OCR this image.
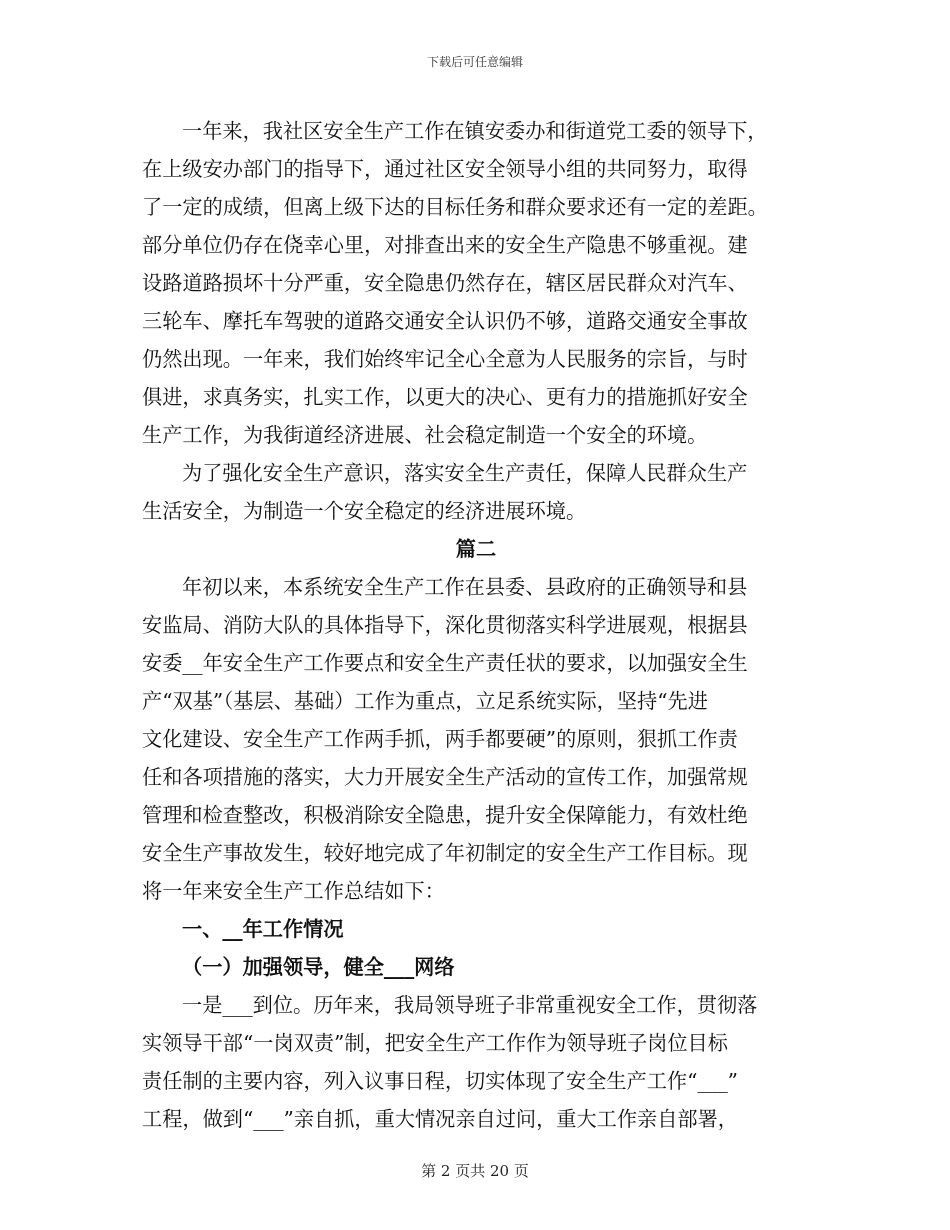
下载后可任意编辑
一年来，我社区安全生产工作在镇安委办和街道党工委的领导下，
在上级安办部门的指导下，通过社区安全领导小组的共同努力，取得
了一定的成绩，但离上级下达的目标任务和群众要求还有一定的差距。
部分单位仍存在侥幸心里，对排查出来的安全生产隐患不够重视。建
设路道路损坏十分严重，安全隐患仍然存在，辖区居民群众对汽车、
三轮车、摩托车驾驶的道路交通安全认识仍不够，道路交通安全事故
仍然出现。一年来，我们始终牢记全心全意为人民服务的宗旨，与时
俱进，求真务实，扎实工作，以更大的决心、更有力的措施抓好安全
生产工作，为我街道经济进展、社会稳定制造一个安全的环境。
为了强化安全生产意识，落实安全生产责任，保障人民群众生产
生活安全，为制造一个安全稳定的经济进展环境。
篇二
年初以来，本系统安全生产工作在县委、县政府的正确领导和县
安监局、消防大队的具体指导下，深化贯彻落实科学进展观，根据县
安委__年安全生产工作要点和安全生产责任状的要求，以加强安全生
产“双基”（基层、基础）工作为重点，立足系统实际，坚持“先进
文化建设、安全生产工作两手抓，两手都要硬”的原则，狠抓工作责
任和各项措施的落实，大力开展安全生产活动的宣传工作，加强常规
管理和检查整改，积极消除安全隐患，提升安全保障能力，有效杜绝
安全生产事故发生，较好地完成了年初制定的安全生产工作目标。现
将一年来安全生产工作总结如下：
一、__年工作情况
（一）加强领导，健全___网络
一是___到位。历年来，我局领导班子非常重视安全工作，贯彻落
实领导干部“一岗双责”制，把安全生产工作作为领导班子岗位目标
责任制的主要内容，列入议事日程，切实体现了安全生产工作“___”
工程，做到“___”亲自抓，重大情况亲自过问，重大工作亲自部署，
第 2 页共 20 页
